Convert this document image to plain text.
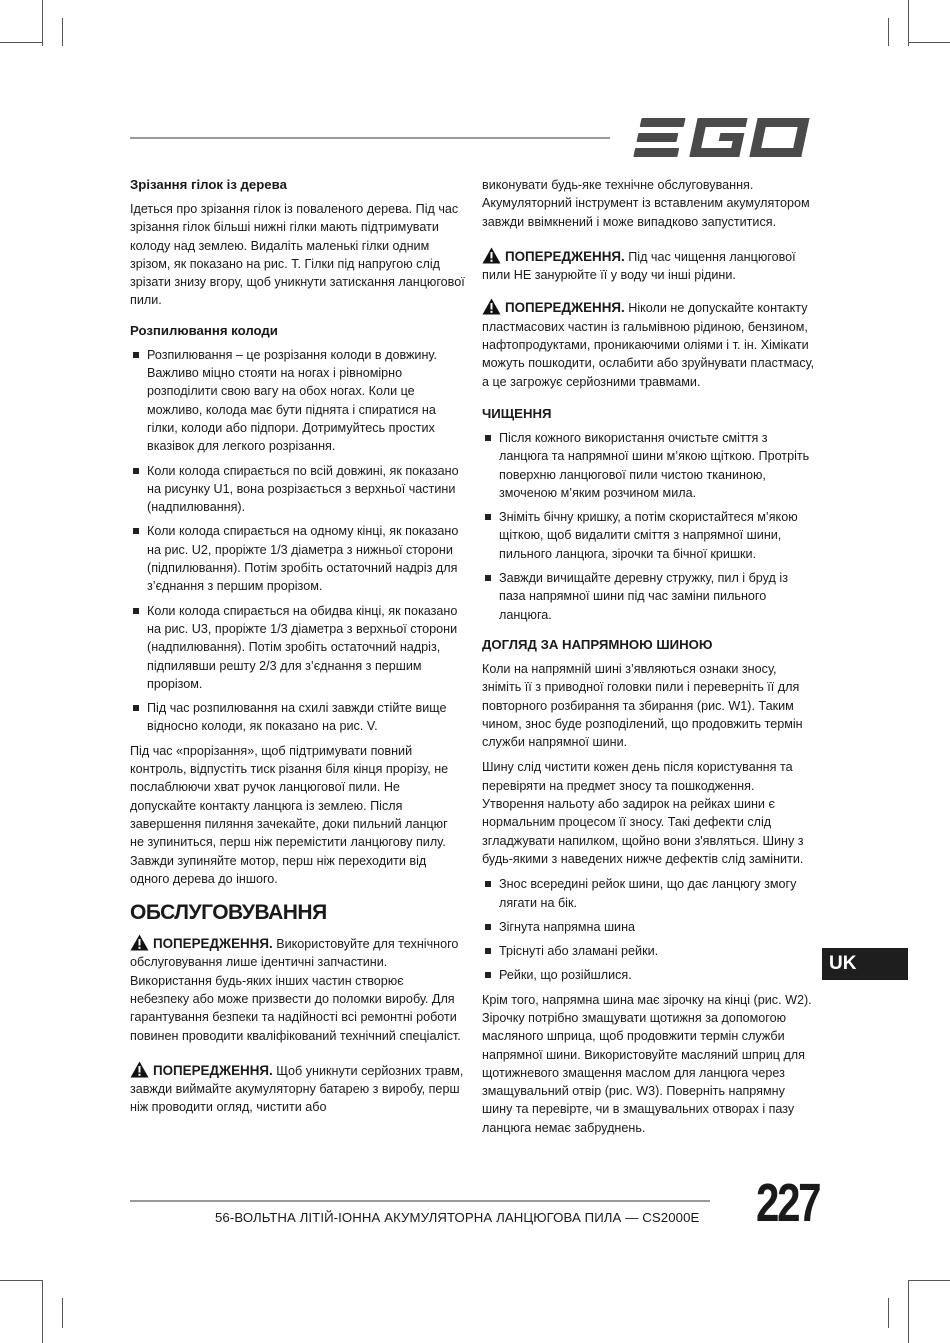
Зрізання гілок із дерева

Ідеться про зрізання гілок із поваленого дерева. Під час зрізання гілок більші нижні гілки мають підтримувати колоду над землею. Видаліть маленькі гілки одним зрізом, як показано на рис. T. Гілки під напругою слід зрізати знизу вгору, щоб уникнути затискання ланцюгової пили.

Розпилювання колоди
Розпилювання – це розрізання колоди в довжину. Важливо міцно стояти на ногах і рівномірно розподілити свою вагу на обох ногах. Коли це можливо, колода має бути піднята і спиратися на гілки, колоди або підпори. Дотримуйтесь простих вказівок для легкого розрізання.
Коли колода спирається по всій довжині, як показано на рисунку U1, вона розрізається з верхньої частини (надпилювання).
Коли колода спирається на одному кінці, як показано на рис. U2, проріжте 1/3 діаметра з нижньої сторони (підпилювання). Потім зробіть остаточний надріз для з’єднання з першим прорізом.
Коли колода спирається на обидва кінці, як показано на рис. U3, проріжте 1/3 діаметра з верхньої сторони (надпилювання). Потім зробіть остаточний надріз, підпилявши решту 2/3 для з’єднання з першим прорізом.
Під час розпилювання на схилі завжди стійте вище відносно колоди, як показано на рис. V.

Під час «прорізання», щоб підтримувати повний контроль, відпустіть тиск різання біля кінця прорізу, не послаблюючи хват ручок ланцюгової пили. Не допускайте контакту ланцюга із землею. Після завершення пиляння зачекайте, доки пильний ланцюг не зупиниться, перш ніж перемістити ланцюгову пилу. Завжди зупиняйте мотор, перш ніж переходити від одного дерева до іншого.

ОБСЛУГОВУВАННЯ

ПОПЕРЕДЖЕННЯ. Використовуйте для технічного обслуговування лише ідентичні запчастини. Використання будь-яких інших частин створює небезпеку або може призвести до поломки виробу. Для гарантування безпеки та надійності всі ремонтні роботи повинен проводити кваліфікований технічний спеціаліст.

ПОПЕРЕДЖЕННЯ. Щоб уникнути серйозних травм, завжди виймайте акумуляторну батарею з виробу, перш ніж проводити огляд, чистити або

виконувати будь-яке технічне обслуговування. Акумуляторний інструмент із вставленим акумулятором завжди ввімкнений і може випадково запуститися.

ПОПЕРЕДЖЕННЯ. Під час чищення ланцюгової пили НЕ занурюйте її у воду чи інші рідини.

ПОПЕРЕДЖЕННЯ. Ніколи не допускайте контакту пластмасових частин із гальмівною рідиною, бензином, нафтопродуктами, проникаючими оліями і т. ін. Хімікати можуть пошкодити, ослабити або зруйнувати пластмасу, а це загрожує серйозними травмами.

ЧИЩЕННЯ
Після кожного використання очистьте сміття з ланцюга та напрямної шини м’якою щіткою. Протріть поверхню ланцюгової пили чистою тканиною, змоченою м’яким розчином мила.
Зніміть бічну кришку, а потім скористайтеся м’якою щіткою, щоб видалити сміття з напрямної шини, пильного ланцюга, зірочки та бічної кришки.
Завжди вичищайте деревну стружку, пил і бруд із паза напрямної шини під час заміни пильного ланцюга.
ДОГЛЯД ЗА НАПРЯМНОЮ ШИНОЮ

Коли на напрямній шині з’являються ознаки зносу, зніміть її з приводної головки пили і переверніть її для повторного розбирання та збирання (рис. W1). Таким чином, знос буде розподілений, що продовжить термін служби напрямної шини.

Шину слід чистити кожен день після користування та перевіряти на предмет зносу та пошкодження. Утворення нальоту або задирок на рейках шини є нормальним процесом її зносу. Такі дефекти слід згладжувати напилком, щойно вони з'являться. Шину з будь-якими з наведених нижче дефектів слід замінити.

Знос всередині рейок шини, що дає ланцюгу змогу лягати на бік.
Зігнута напрямна шина
Тріснуті або зламані рейки.
Рейки, що розійшлися.

Крім того, напрямна шина має зірочку на кінці (рис. W2). Зірочку потрібно змащувати щотижня за допомогою масляного шприца, щоб продовжити термін служби напрямної шини. Використовуйте масляний шприц для щотижневого змащення маслом для ланцюга через змащувальний отвір (рис. W3). Поверніть напрямну шину та перевірте, чи в змащувальних отворах і пазу ланцюга немає забруднень.

UK
56-ВОЛЬТНА ЛІТІЙ-ІОННА АКУМУЛЯТОРНА ЛАНЦЮГОВА ПИЛА — CS2000E 227
